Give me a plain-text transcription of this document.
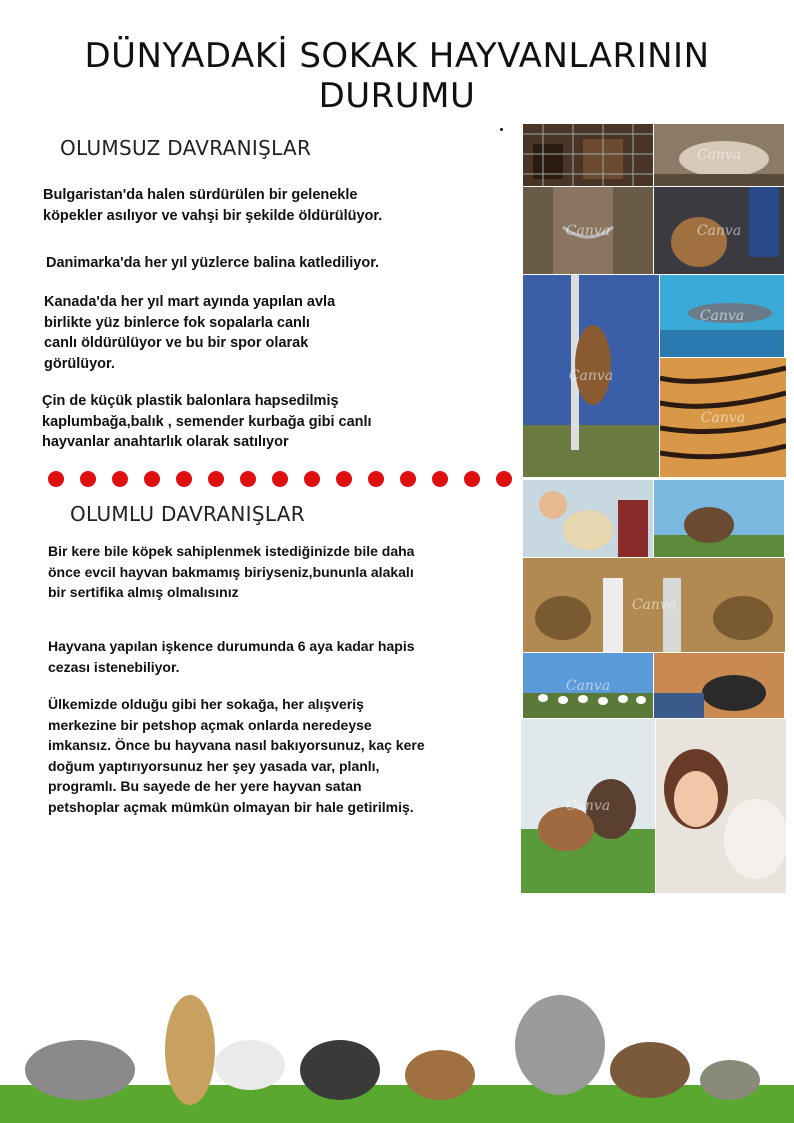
DÜNYADAKİ SOKAK HAYVANLARININ
DURUMU
OLUMSUZ DAVRANIŞLAR
Bulgaristan'da halen sürdürülen bir gelenekle
köpekler asılıyor ve vahşi bir şekilde öldürülüyor.
Danimarka'da her yıl yüzlerce balina katlediliyor.
Kanada'da her yıl mart ayında yapılan avla
birlikte yüz binlerce fok sopalarla canlı
canlı öldürülüyor ve bu bir spor olarak
görülüyor.
Çin de küçük plastik balonlara hapsedilmiş
kaplumbağa,balık , semender kurbağa gibi canlı
hayvanlar anahtarlık olarak satılıyor
OLUMLU DAVRANIŞLAR
Bir kere bile köpek sahiplenmek istediğinizde bile daha
önce evcil hayvan bakmamış biriyseniz,bununla alakalı
bir sertifika almış olmalısınız
Hayvana yapılan işkence durumunda 6 aya kadar hapis
cezası istenebiliyor.
Ülkemizde olduğu gibi her sokağa, her alışveriş
merkezine bir petshop açmak onlarda neredeyse
imkansız. Önce bu hayvana nasıl bakıyorsunuz, kaç kere
doğum yaptırıyorsunuz her şey yasada var, planlı,
programlı. Bu sayede de her yere hayvan satan
petshoplar açmak mümkün olmayan bir hale getirilmiş.
Canva
Canva	Canva
Canva
Canva
Canva
Canva
Canva
Canva
Canva
